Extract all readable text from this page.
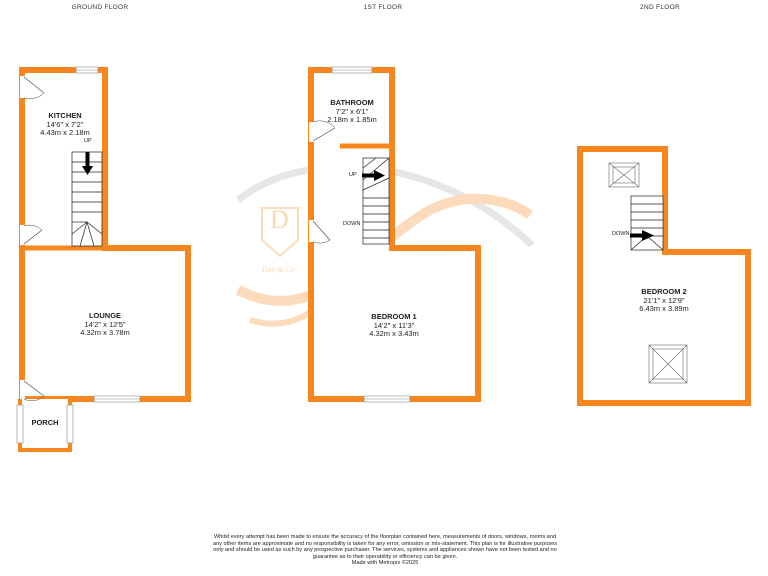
D
Day & Co
GROUND FLOOR	1ST FLOOR	2ND FLOOR
KITCHEN
14'6" x 7'2"
4.43m x 2.18m
LOUNGE
14'2" x 12'5"
4.32m x 3.78m
PORCH
BATHROOM
7'2" x 6'1"
2.18m x 1.85m
BEDROOM 1
14'2" x 11'3"
4.32m x 3.43m
BEDROOM 2
21'1" x 12'9"
6.43m x 3.89m
UP
UP
DOWN
DOWN
Whilst every attempt has been made to ensure the accuracy of the floorplan contained here, measurements of doors, windows, rooms and any other items are approximate and no responsibility is taken for any error, omission or mis-statement. This plan is for illustrative purposes only and should be used as such by any prospective purchaser. The services, systems and appliances shown have not been tested and no guarantee as to their operability or efficiency can be given.
Made with Metropix ©2025
